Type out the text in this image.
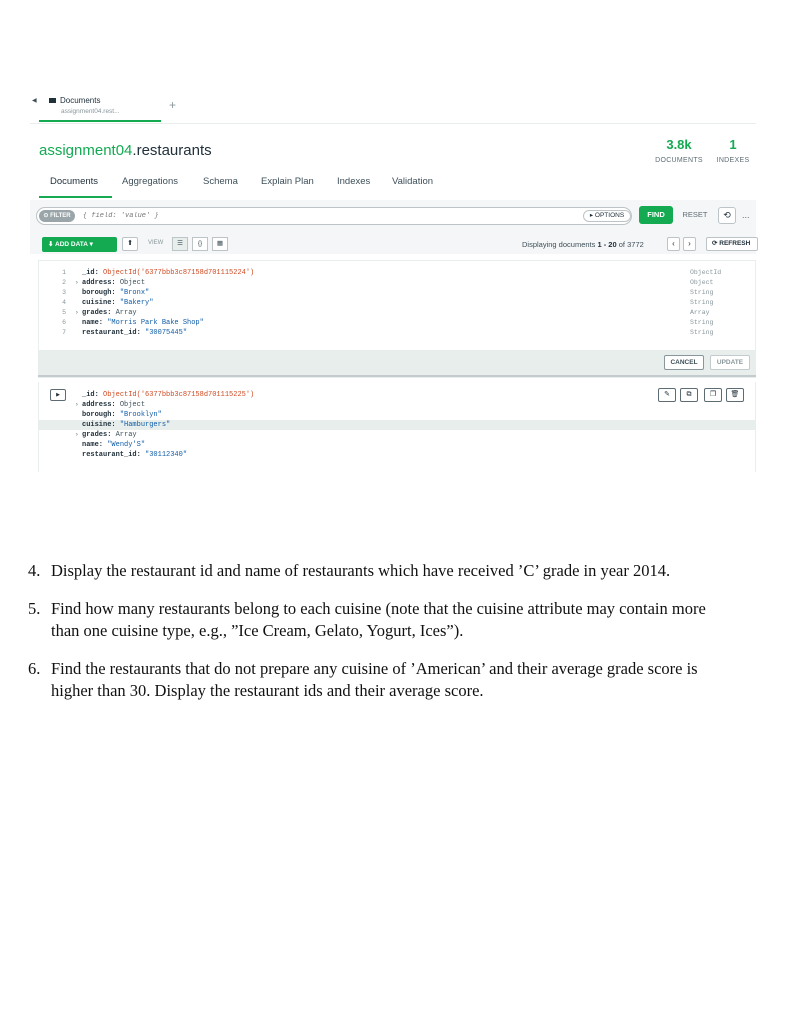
◀	Documents
assignment04.rest...	+
assignment04.restaurants	3.8k
DOCUMENTS
1
INDEXES
Documents	Aggregations	Schema Explain Plan Indexes Validation
⊙ FILTER
{ field: 'value' }	▸ OPTIONS	FIND	RESET	⟲	...
⬇ ADD DATA ▾	⬆	VIEW	☰	{}	▦	Displaying documents 1 - 20 of 3772	‹	›	⟳ REFRESH
1 _id: ObjectId('6377bbb3c87158d701115224')	ObjectId
2 › address: Object	Object
3 borough: "Bronx"	String
4 cuisine: "Bakery"	String
5 › grades: Array	Array
6 name: "Morris Park Bake Shop"	String
7 restaurant_id: "30075445"	String
CANCEL	UPDATE
▶	_id: ObjectId('6377bbb3c87158d701115225')
› address: Object
borough: "Brooklyn"
cuisine: "Hamburgers"
› grades: Array
name: "Wendy'S"
restaurant_id: "30112340"
✎	⧉	❐	🗑
4. Display the restaurant id and name of restaurants which have received ’C’ grade in year 2014.
5. Find how many restaurants belong to each cuisine (note that the cuisine attribute may contain more than one cuisine type, e.g., ”Ice Cream, Gelato, Yogurt, Ices”).
6. Find the restaurants that do not prepare any cuisine of ’American’ and their average grade score is higher than 30. Display the restaurant ids and their average score.
